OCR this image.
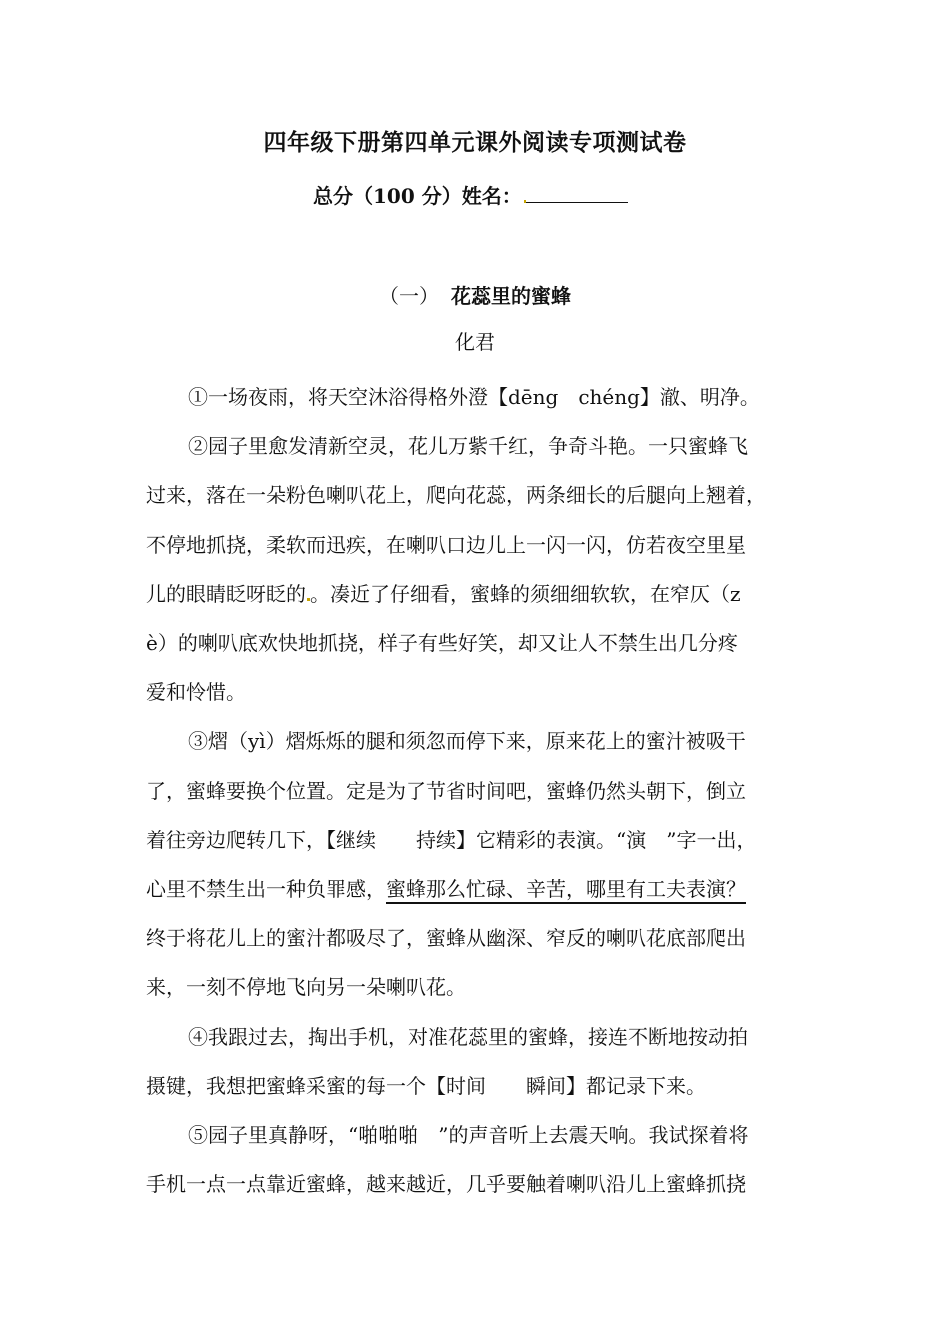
四年级下册第四单元课外阅读专项测试卷
总分（100 分）姓名：
（一） 花蕊里的蜜蜂
化君
①一场夜雨，将天空沐浴得格外澄【dēng　chéng】澈、明净。
②园子里愈发清新空灵，花儿万紫千红，争奇斗艳。一只蜜蜂飞
过来，落在一朵粉色喇叭花上，爬向花蕊，两条细长的后腿向上翘着，
不停地抓挠，柔软而迅疾，在喇叭口边儿上一闪一闪，仿若夜空里星
儿的眼睛眨呀眨的 。凑近了仔细看，蜜蜂的须细细软软，在窄仄（z
è）的喇叭底欢快地抓挠，样子有些好笑，却又让人不禁生出几分疼
爱和怜惜。
③熠（yì）熠烁烁的腿和须忽而停下来，原来花上的蜜汁被吸干
了，蜜蜂要换个位置。定是为了节省时间吧，蜜蜂仍然头朝下，倒立
着往旁边爬转几下，【继续　　持续】它精彩的表演。“演　”字一出，
心里不禁生出一种负罪感，蜜蜂那么忙碌、辛苦，哪里有工夫表演？
终于将花儿上的蜜汁都吸尽了，蜜蜂从幽深、窄反的喇叭花底部爬出
来，一刻不停地飞向另一朵喇叭花。
④我跟过去，掏出手机，对准花蕊里的蜜蜂，接连不断地按动拍
摄键，我想把蜜蜂采蜜的每一个【时间　　瞬间】都记录下来。
⑤园子里真静呀，“啪啪啪　”的声音听上去震天响。我试探着将
手机一点一点靠近蜜蜂，越来越近，几乎要触着喇叭沿儿上蜜蜂抓挠
